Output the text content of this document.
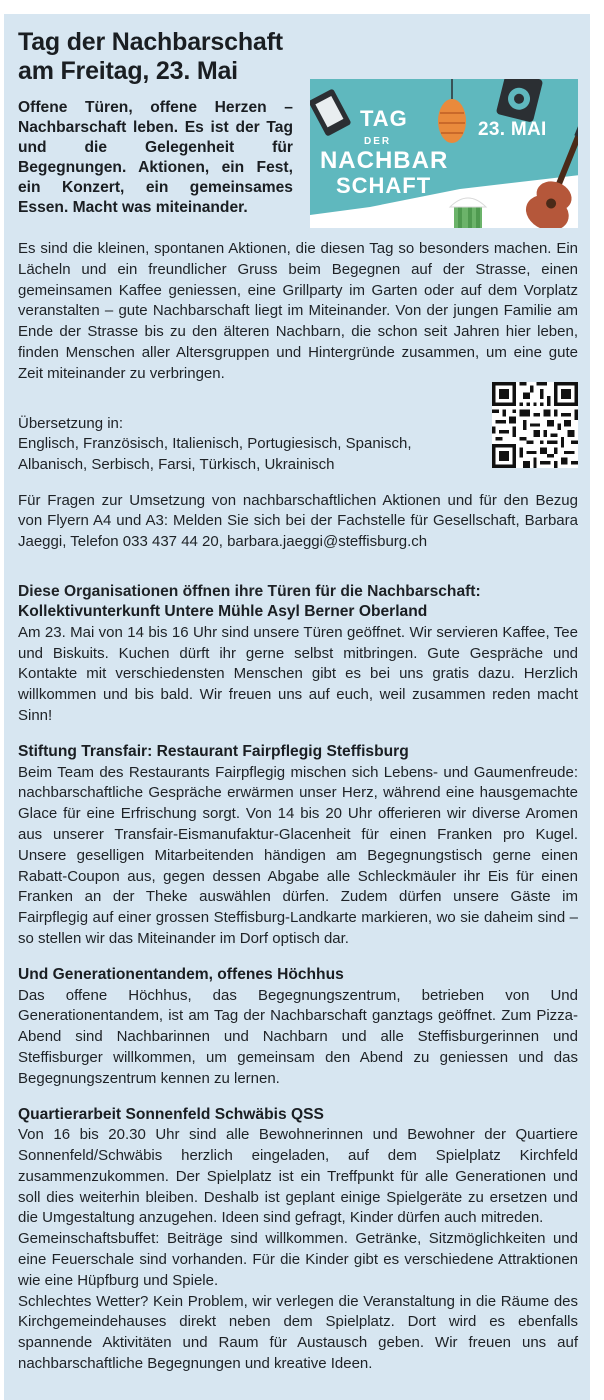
Tag der Nachbarschaft
am Freitag, 23. Mai

Offene Türen, offene Herzen – Nachbarschaft leben. Es ist der Tag und die Gelegenheit für Begegnungen. Aktionen, ein Fest, ein Konzert, ein gemeinsames Essen. Macht was miteinander.

TAG
DER
NACHBAR
SCHAFT
23. MAI

Es sind die kleinen, spontanen Aktionen, die diesen Tag so besonders machen. Ein Lächeln und ein freundlicher Gruss beim Begegnen auf der Strasse, einen gemeinsamen Kaffee geniessen, eine Grillparty im Garten oder auf dem Vorplatz veranstalten – gute Nachbarschaft liegt im Miteinander. Von der jungen Familie am Ende der Strasse bis zu den älteren Nachbarn, die schon seit Jahren hier leben, finden Menschen aller Altersgruppen und Hintergründe zusammen, um eine gute Zeit miteinander zu verbringen.

Übersetzung in:
Englisch, Französisch, Italienisch, Portugiesisch, Spanisch,
Albanisch, Serbisch, Farsi, Türkisch, Ukrainisch

Für Fragen zur Umsetzung von nachbarschaftlichen Aktionen und für den Bezug von Flyern A4 und A3: Melden Sie sich bei der Fachstelle für Gesellschaft, Barbara Jaeggi, Telefon 033 437 44 20, barbara.jaeggi@steffisburg.ch

Diese Organisationen öffnen ihre Türen für die Nachbarschaft:
Kollektivunterkunft Untere Mühle Asyl Berner Oberland

Am 23. Mai von 14 bis 16 Uhr sind unsere Türen geöffnet. Wir servieren Kaffee, Tee und Biskuits. Kuchen dürft ihr gerne selbst mitbringen. Gute Gespräche und Kontakte mit verschiedensten Menschen gibt es bei uns gratis dazu. Herzlich willkommen und bis bald. Wir freuen uns auf euch, weil zusammen reden macht Sinn!

Stiftung Transfair: Restaurant Fairpflegig Steffisburg

Beim Team des Restaurants Fairpflegig mischen sich Lebens- und Gaumenfreude: nachbarschaftliche Gespräche erwärmen unser Herz, während eine hausgemachte Glace für eine Erfrischung sorgt. Von 14 bis 20 Uhr offerieren wir diverse Aromen aus unserer Transfair-Eismanufaktur-Glacenheit für einen Franken pro Kugel. Unsere geselligen Mitarbeitenden händigen am Begegnungstisch gerne einen Rabatt-Coupon aus, gegen dessen Abgabe alle Schleckmäuler ihr Eis für einen Franken an der Theke auswählen dürfen. Zudem dürfen unsere Gäste im Fairpflegig auf einer grossen Steffisburg-Landkarte markieren, wo sie daheim sind – so stellen wir das Miteinander im Dorf optisch dar.

Und Generationentandem, offenes Höchhus

Das offene Höchhus, das Begegnungszentrum, betrieben von Und Generationentandem, ist am Tag der Nachbarschaft ganztags geöffnet. Zum Pizza-Abend sind Nachbarinnen und Nachbarn und alle Steffisburgerinnen und Steffisburger willkommen, um gemeinsam den Abend zu geniessen und das Begegnungszentrum kennen zu lernen.

Quartierarbeit Sonnenfeld Schwäbis QSS

Von 16 bis 20.30 Uhr sind alle Bewohnerinnen und Bewohner der Quartiere Sonnenfeld/Schwäbis herzlich eingeladen, auf dem Spielplatz Kirchfeld zusammenzukommen. Der Spielplatz ist ein Treffpunkt für alle Generationen und soll dies weiterhin bleiben. Deshalb ist geplant einige Spielgeräte zu ersetzen und die Umgestaltung anzugehen. Ideen sind gefragt, Kinder dürfen auch mitreden.

Gemeinschaftsbuffet: Beiträge sind willkommen. Getränke, Sitzmöglichkeiten und eine Feuerschale sind vorhanden. Für die Kinder gibt es verschiedene Attraktionen wie eine Hüpfburg und Spiele.

Schlechtes Wetter? Kein Problem, wir verlegen die Veranstaltung in die Räume des Kirchgemeindehauses direkt neben dem Spielplatz. Dort wird es ebenfalls spannende Aktivitäten und Raum für Austausch geben. Wir freuen uns auf nachbarschaftliche Begegnungen und kreative Ideen.
